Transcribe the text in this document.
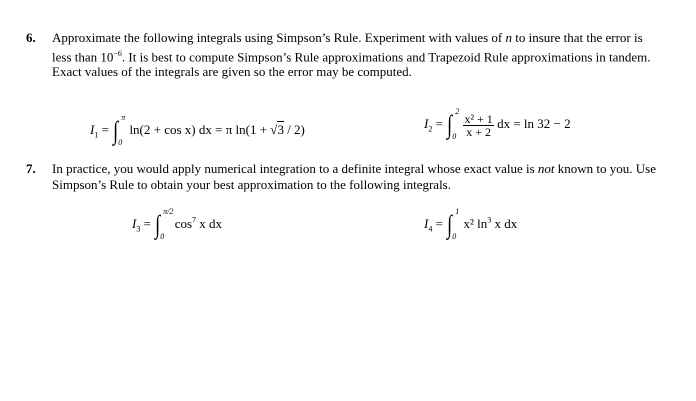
6. Approximate the following integrals using Simpson’s Rule. Experiment with values of n to insure that the error is less than $10^{-6}$. It is best to compute Simpson’s Rule approximations and Trapezoid Rule approximations in tandem. Exact values of the integrals are given so the error may be computed.

$I_1$ = ∫ π
0
ln(2 + cos x) dx = π ln(1 + √3 / 2)	$I_2$ = ∫ 2
0
$\frac{\text{x² + 1}}{x + 2}$ dx = ln 32 − 2
7. In practice, you would apply numerical integration to a definite integral whose exact value is not known to you. Use Simpson’s Rule to obtain your best approximation to the following integrals.

$I_3$ = ∫ π/2
0
$\cos^7 x$ dx	$I_4$ = ∫ 1
0
x² $\ln^3 x$ dx
